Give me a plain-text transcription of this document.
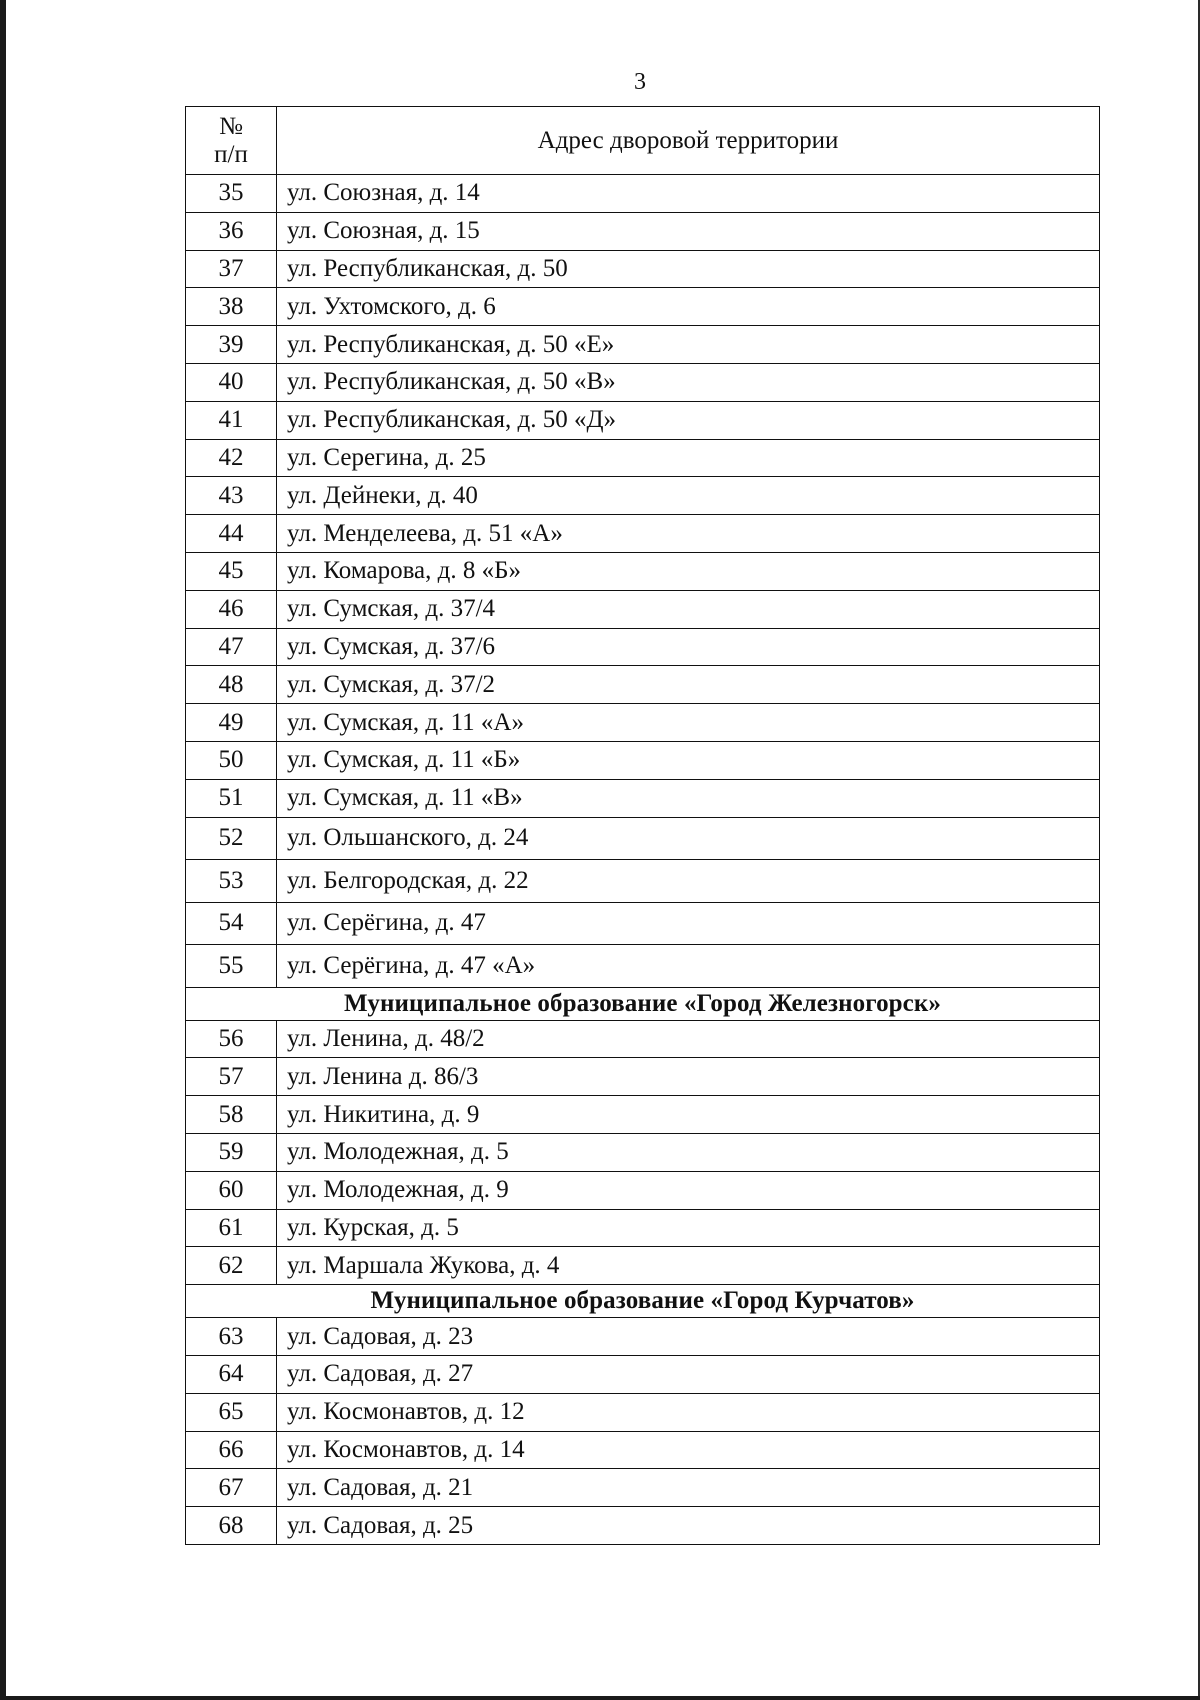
3
№
п/п	Адрес дворовой территории
35	ул. Союзная, д. 14
36	ул. Союзная, д. 15
37	ул. Республиканская, д. 50
38	ул. Ухтомского, д. 6
39	ул. Республиканская, д. 50 «Е»
40	ул. Республиканская, д. 50 «В»
41	ул. Республиканская, д. 50 «Д»
42	ул. Серегина, д. 25
43	ул. Дейнеки, д. 40
44	ул. Менделеева, д. 51 «А»
45	ул. Комарова, д. 8 «Б»
46	ул. Сумская, д. 37/4
47	ул. Сумская, д. 37/6
48	ул. Сумская, д. 37/2
49	ул. Сумская, д. 11 «А»
50	ул. Сумская, д. 11 «Б»
51	ул. Сумская, д. 11 «В»
52	ул. Ольшанского, д. 24
53	ул. Белгородская, д. 22
54	ул. Серёгина, д. 47
55	ул. Серёгина, д. 47 «А»
Муниципальное образование «Город Железногорск»	
56	ул. Ленина, д. 48/2
57	ул. Ленина д. 86/3
58	ул. Никитина, д. 9
59	ул. Молодежная, д. 5
60	ул. Молодежная, д. 9
61	ул. Курская, д. 5
62	ул. Маршала Жукова, д. 4
Муниципальное образование «Город Курчатов»	
63	ул. Садовая, д. 23
64	ул. Садовая, д. 27
65	ул. Космонавтов, д. 12
66	ул. Космонавтов, д. 14
67	ул. Садовая, д. 21
68	ул. Садовая, д. 25
